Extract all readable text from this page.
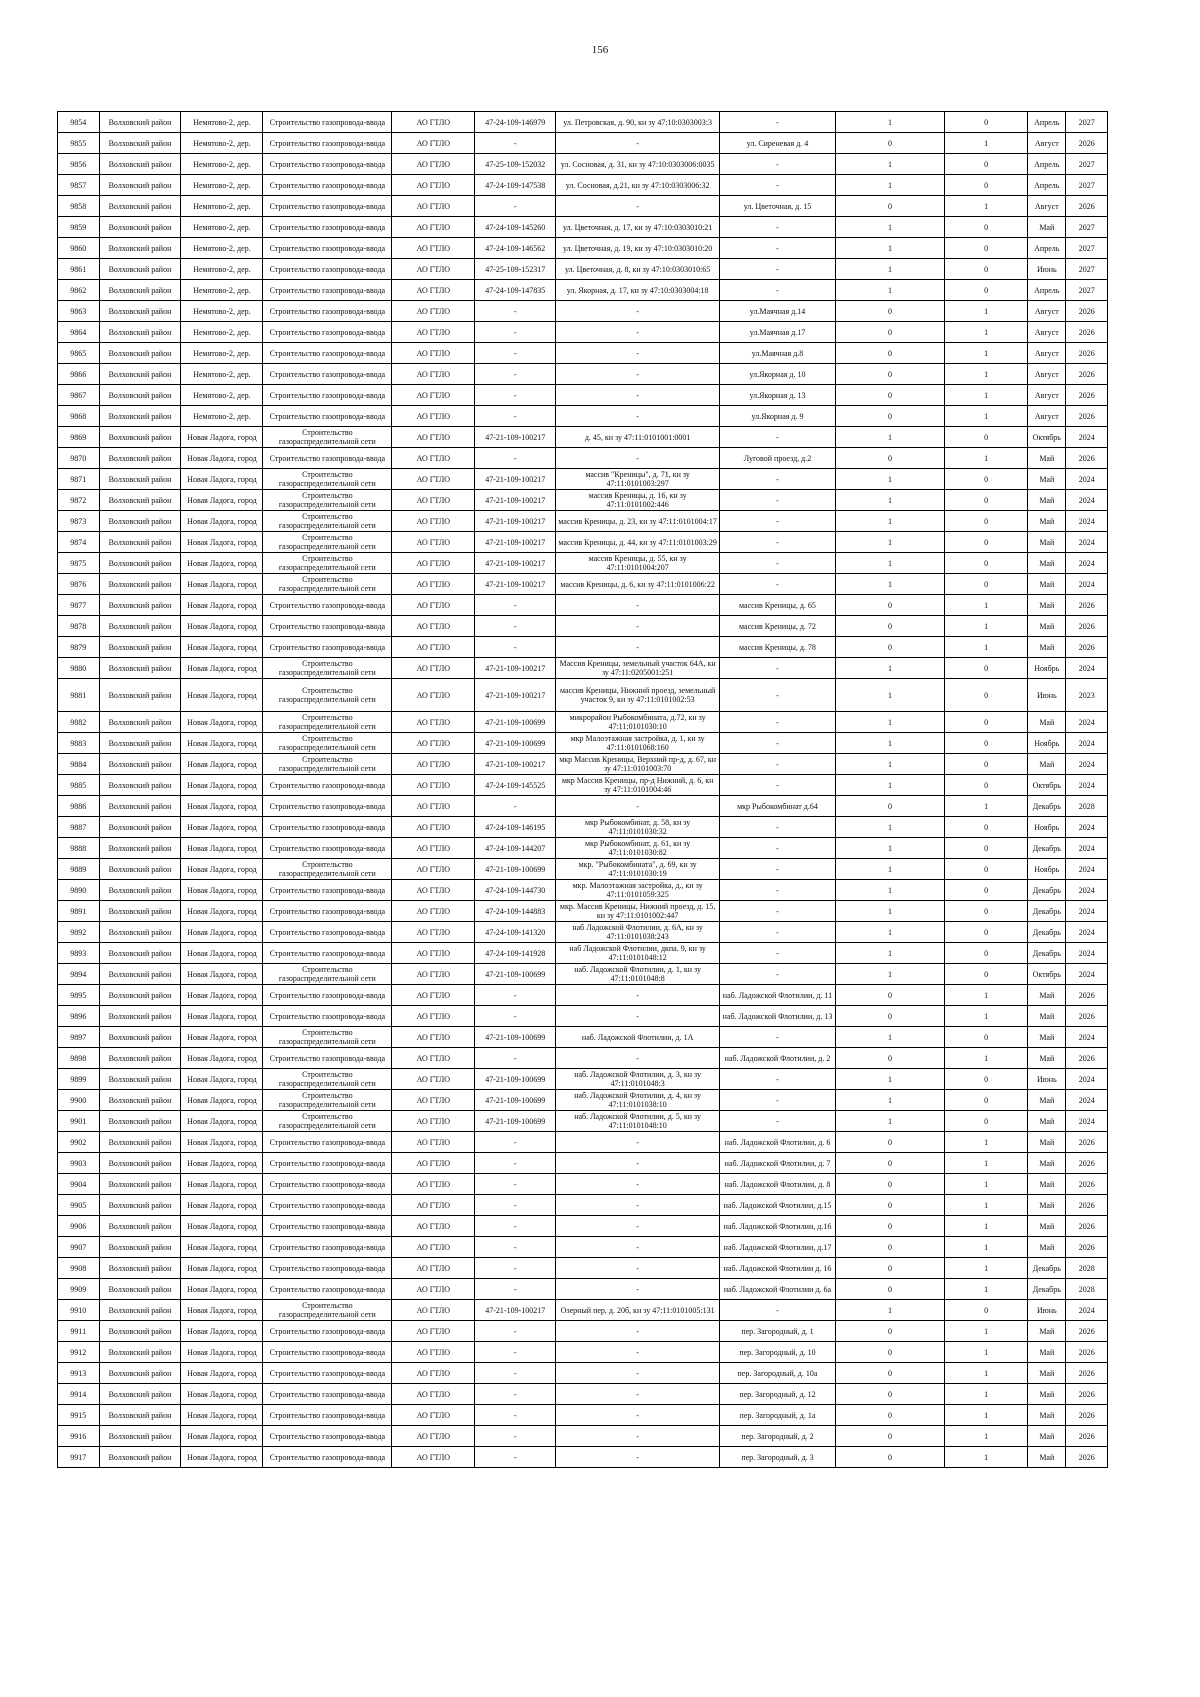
156
9854	Волховский район	Немятово-2, дер.	Строительство газопровода-ввода	АО ГТЛО	47-24-109-146979	ул. Петровская, д. 90, кн зу 47:10:0303003:3	-	1	0	Апрель	2027
9855	Волховский район	Немятово-2, дер.	Строительство газопровода-ввода	АО ГТЛО	-	-	ул. Сиреневая д. 4	0	1	Август	2026
9856	Волховский район	Немятово-2, дер.	Строительство газопровода-ввода	АО ГТЛО	47-25-109-152032	ул. Сосновая, д. 31, кн зу 47:10:0303006:0035	-	1	0	Апрель	2027
9857	Волховский район	Немятово-2, дер.	Строительство газопровода-ввода	АО ГТЛО	47-24-109-147538	ул. Сосновая, д.21, кн зу 47:10:0303006:32	-	1	0	Апрель	2027
9858	Волховский район	Немятово-2, дер.	Строительство газопровода-ввода	АО ГТЛО	-	-	ул. Цветочная, д. 15	0	1	Август	2026
9859	Волховский район	Немятово-2, дер.	Строительство газопровода-ввода	АО ГТЛО	47-24-109-145260	ул. Цветочная, д. 17, кн зу 47:10:0303010:21	-	1	0	Май	2027
9860	Волховский район	Немятово-2, дер.	Строительство газопровода-ввода	АО ГТЛО	47-24-109-146562	ул. Цветочная, д. 19, кн зу 47:10:0303010:20	-	1	0	Апрель	2027
9861	Волховский район	Немятово-2, дер.	Строительство газопровода-ввода	АО ГТЛО	47-25-109-152317	ул. Цветочная, д. 8, кн зу 47:10:0303010:65	-	1	0	Июнь	2027
9862	Волховский район	Немятово-2, дер.	Строительство газопровода-ввода	АО ГТЛО	47-24-109-147835	ул. Якорная, д. 17, кн зу 47:10:0303004:18	-	1	0	Апрель	2027
9863	Волховский район	Немятово-2, дер.	Строительство газопровода-ввода	АО ГТЛО	-	-	ул.Маячная д.14	0	1	Август	2026
9864	Волховский район	Немятово-2, дер.	Строительство газопровода-ввода	АО ГТЛО	-	-	ул.Маячная д.17	0	1	Август	2026
9865	Волховский район	Немятово-2, дер.	Строительство газопровода-ввода	АО ГТЛО	-	-	ул.Маячная д.8	0	1	Август	2026
9866	Волховский район	Немятово-2, дер.	Строительство газопровода-ввода	АО ГТЛО	-	-	ул.Якорная д. 10	0	1	Август	2026
9867	Волховский район	Немятово-2, дер.	Строительство газопровода-ввода	АО ГТЛО	-	-	ул.Якорная д. 13	0	1	Август	2026
9868	Волховский район	Немятово-2, дер.	Строительство газопровода-ввода	АО ГТЛО	-	-	ул.Якорная д. 9	0	1	Август	2026
9869	Волховский район	Новая Ладога, город	Строительство газораспределительной сети	АО ГТЛО	47-21-109-100217	д. 45, кн зу 47:11:0101001:0001	-	1	0	Октябрь	2024
9870	Волховский район	Новая Ладога, город	Строительство газопровода-ввода	АО ГТЛО	-	-	Луговой проезд, д.2	0	1	Май	2026
9871	Волховский район	Новая Ладога, город	Строительство газораспределительной сети	АО ГТЛО	47-21-109-100217	массив "Креницы", д. 71, кн зу 47:11:0101003:297	-	1	0	Май	2024
9872	Волховский район	Новая Ладога, город	Строительство газораспределительной сети	АО ГТЛО	47-21-109-100217	массив Креницы, д. 16, кн зу 47:11:0101002:446	-	1	0	Май	2024
9873	Волховский район	Новая Ладога, город	Строительство газораспределительной сети	АО ГТЛО	47-21-109-100217	массив Креницы, д. 23, кн зу 47:11:0101004:17	-	1	0	Май	2024
9874	Волховский район	Новая Ладога, город	Строительство газораспределительной сети	АО ГТЛО	47-21-109-100217	массив Креницы, д. 44, кн зу 47:11:0101003:29	-	1	0	Май	2024
9875	Волховский район	Новая Ладога, город	Строительство газораспределительной сети	АО ГТЛО	47-21-109-100217	массив Креницы, д. 55, кн зу 47:11:0101004:207	-	1	0	Май	2024
9876	Волховский район	Новая Ладога, город	Строительство газораспределительной сети	АО ГТЛО	47-21-109-100217	массив Креницы, д. 6, кн зу 47:11:0101006:22	-	1	0	Май	2024
9877	Волховский район	Новая Ладога, город	Строительство газопровода-ввода	АО ГТЛО	-	-	массив Креницы, д. 65	0	1	Май	2026
9878	Волховский район	Новая Ладога, город	Строительство газопровода-ввода	АО ГТЛО	-	-	массив Креницы, д. 72	0	1	Май	2026
9879	Волховский район	Новая Ладога, город	Строительство газопровода-ввода	АО ГТЛО	-	-	массив Креницы, д. 78	0	1	Май	2026
9880	Волховский район	Новая Ладога, город	Строительство газораспределительной сети	АО ГТЛО	47-21-109-100217	Массив Креницы, земельный участок 64А, кн зу 47:11:0205001:251	-	1	0	Ноябрь	2024
9881	Волховский район	Новая Ладога, город	Строительство газораспределительной сети	АО ГТЛО	47-21-109-100217	массив Креницы, Нижний проезд, земельный участок 9, кн зу 47:11:0101002:53	-	1	0	Июнь	2023
9882	Волховский район	Новая Ладога, город	Строительство газораспределительной сети	АО ГТЛО	47-21-109-100699	микрорайон Рыбокомбината, д.72, кн зу 47:11:0101030:10	-	1	0	Май	2024
9883	Волховский район	Новая Ладога, город	Строительство газораспределительной сети	АО ГТЛО	47-21-109-100699	мкр Малоэтажная застройка, д. 1, кн зу 47:11:0101068:160	-	1	0	Ноябрь	2024
9884	Волховский район	Новая Ладога, город	Строительство газораспределительной сети	АО ГТЛО	47-21-109-100217	мкр Массив Креницы, Верхний пр-д, д. 67, кн зу 47:11:0101003:70	-	1	0	Май	2024
9885	Волховский район	Новая Ладога, город	Строительство газопровода-ввода	АО ГТЛО	47-24-109-145525	мкр Массив Креницы, пр-д Нижний, д. 6, кн зу 47:11:0101004:46	-	1	0	Октябрь	2024
9886	Волховский район	Новая Ладога, город	Строительство газопровода-ввода	АО ГТЛО	-	-	мкр Рыбокомбинат д.64	0	1	Декабрь	2028
9887	Волховский район	Новая Ладога, город	Строительство газопровода-ввода	АО ГТЛО	47-24-109-146195	мкр Рыбокомбинат, д. 58, кн зу 47:11:0101030:32	-	1	0	Ноябрь	2024
9888	Волховский район	Новая Ладога, город	Строительство газопровода-ввода	АО ГТЛО	47-24-109-144207	мкр Рыбокомбинат, д. 61, кн зу 47:11:0101030:82	-	1	0	Декабрь	2024
9889	Волховский район	Новая Ладога, город	Строительство газораспределительной сети	АО ГТЛО	47-21-109-100699	мкр. "Рыбокомбината", д. 69, кн зу 47:11:0101030:19	-	1	0	Ноябрь	2024
9890	Волховский район	Новая Ладога, город	Строительство газопровода-ввода	АО ГТЛО	47-24-109-144730	мкр. Малоэтажная застройка, д., кн зу 47:11:0101059:325	-	1	0	Декабрь	2024
9891	Волховский район	Новая Ладога, город	Строительство газопровода-ввода	АО ГТЛО	47-24-109-144883	мкр. Массив Креницы, Нижний проезд, д. 15, кн зу 47:11:0101002:447	-	1	0	Декабрь	2024
9892	Волховский район	Новая Ладога, город	Строительство газопровода-ввода	АО ГТЛО	47-24-109-141320	наб Ладожской Флотилии, д. 6А, кн зу 47:11:0101038:243	-	1	0	Декабрь	2024
9893	Волховский район	Новая Ладога, город	Строительство газопровода-ввода	АО ГТЛО	47-24-109-141928	наб Ладожской Флотилии, дкпа. 9, кн зу 47:11:0101048:12	-	1	0	Декабрь	2024
9894	Волховский район	Новая Ладога, город	Строительство газораспределительной сети	АО ГТЛО	47-21-109-100699	наб. Ладожской Флотилии, д. 1, кн зу 47:11:0101048:8	-	1	0	Октябрь	2024
9895	Волховский район	Новая Ладога, город	Строительство газопровода-ввода	АО ГТЛО	-	-	наб. Ладожской Флотилии, д. 11	0	1	Май	2026
9896	Волховский район	Новая Ладога, город	Строительство газопровода-ввода	АО ГТЛО	-	-	наб. Ладожской Флотилии, д. 13	0	1	Май	2026
9897	Волховский район	Новая Ладога, город	Строительство газораспределительной сети	АО ГТЛО	47-21-109-100699	наб. Ладожской Флотилии, д. 1А	-	1	0	Май	2024
9898	Волховский район	Новая Ладога, город	Строительство газопровода-ввода	АО ГТЛО	-	-	наб. Ладожской Флотилии, д. 2	0	1	Май	2026
9899	Волховский район	Новая Ладога, город	Строительство газораспределительной сети	АО ГТЛО	47-21-109-100699	наб. Ладожской Флотилии, д. 3, кн зу 47:11:0101048:3	-	1	0	Июнь	2024
9900	Волховский район	Новая Ладога, город	Строительство газораспределительной сети	АО ГТЛО	47-21-109-100699	наб. Ладожской Флотилии, д. 4, кн зу 47:11:0101038:10	-	1	0	Май	2024
9901	Волховский район	Новая Ладога, город	Строительство газораспределительной сети	АО ГТЛО	47-21-109-100699	наб. Ладожской Флотилии, д. 5, кн зу 47:11:0101048:10	-	1	0	Май	2024
9902	Волховский район	Новая Ладога, город	Строительство газопровода-ввода	АО ГТЛО	-	-	наб. Ладожской Флотилии, д. 6	0	1	Май	2026
9903	Волховский район	Новая Ладога, город	Строительство газопровода-ввода	АО ГТЛО	-	-	наб. Ладожской Флотилии, д. 7	0	1	Май	2026
9904	Волховский район	Новая Ладога, город	Строительство газопровода-ввода	АО ГТЛО	-	-	наб. Ладожской Флотилии, д. 8	0	1	Май	2026
9905	Волховский район	Новая Ладога, город	Строительство газопровода-ввода	АО ГТЛО	-	-	наб. Ладожской Флотилии, д.15	0	1	Май	2026
9906	Волховский район	Новая Ладога, город	Строительство газопровода-ввода	АО ГТЛО	-	-	наб. Ладожской Флотилии, д.16	0	1	Май	2026
9907	Волховский район	Новая Ладога, город	Строительство газопровода-ввода	АО ГТЛО	-	-	наб. Ладожской Флотилии, д.17	0	1	Май	2026
9908	Волховский район	Новая Ладога, город	Строительство газопровода-ввода	АО ГТЛО	-	-	наб. Ладожской Флотилии д. 16	0	1	Декабрь	2028
9909	Волховский район	Новая Ладога, город	Строительство газопровода-ввода	АО ГТЛО	-	-	наб. Ладожской Флотилии д. 6а	0	1	Декабрь	2028
9910	Волховский район	Новая Ладога, город	Строительство газораспределительной сети	АО ГТЛО	47-21-109-100217	Озерный пер, д. 20б, кн зу 47:11:0101005:131	-	1	0	Июнь	2024
9911	Волховский район	Новая Ладога, город	Строительство газопровода-ввода	АО ГТЛО	-	-	пер. Загородный, д. 1	0	1	Май	2026
9912	Волховский район	Новая Ладога, город	Строительство газопровода-ввода	АО ГТЛО	-	-	пер. Загородный, д. 10	0	1	Май	2026
9913	Волховский район	Новая Ладога, город	Строительство газопровода-ввода	АО ГТЛО	-	-	пер. Загородный, д. 10а	0	1	Май	2026
9914	Волховский район	Новая Ладога, город	Строительство газопровода-ввода	АО ГТЛО	-	-	пер. Загородный, д. 12	0	1	Май	2026
9915	Волховский район	Новая Ладога, город	Строительство газопровода-ввода	АО ГТЛО	-	-	пер. Загородный, д. 1а	0	1	Май	2026
9916	Волховский район	Новая Ладога, город	Строительство газопровода-ввода	АО ГТЛО	-	-	пер. Загородный, д. 2	0	1	Май	2026
9917	Волховский район	Новая Ладога, город	Строительство газопровода-ввода	АО ГТЛО	-	-	пер. Загородный, д. 3	0	1	Май	2026
